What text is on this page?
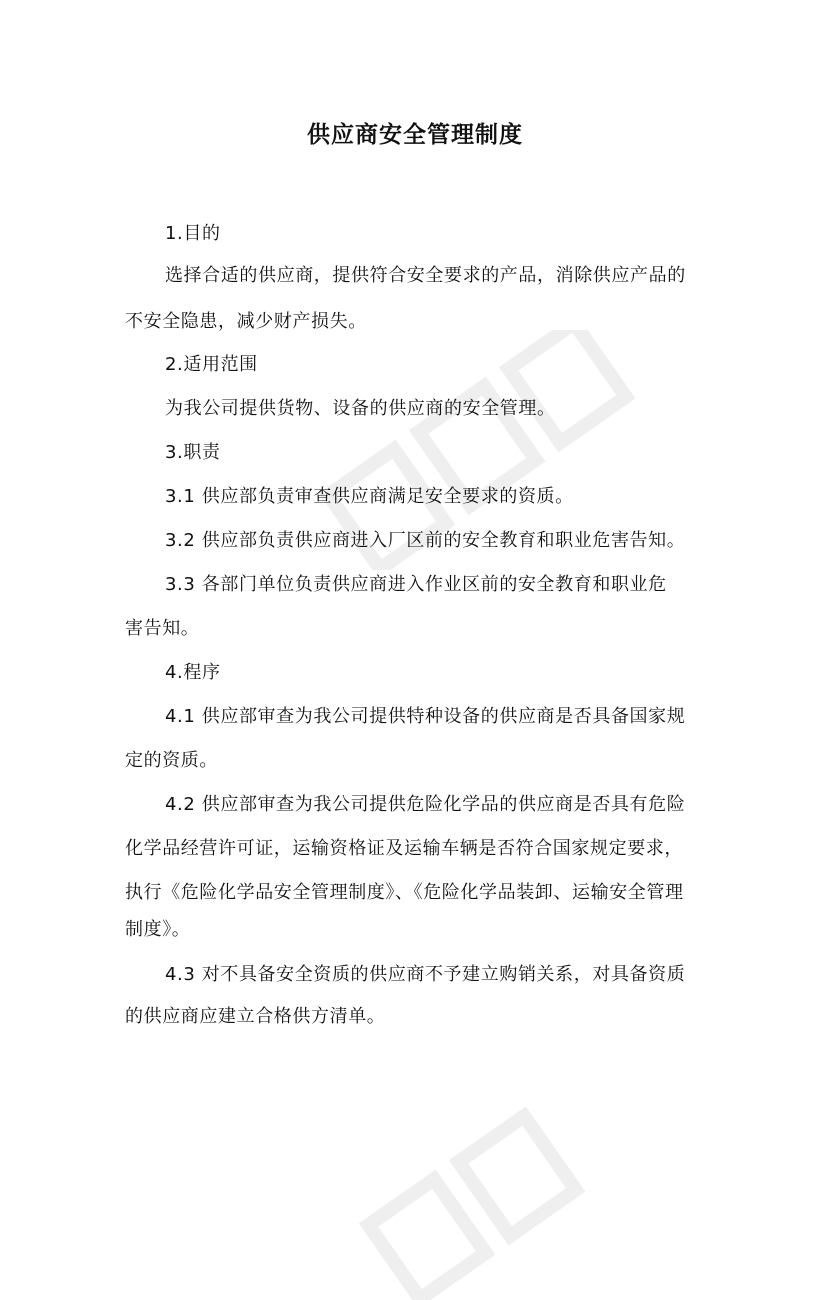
供应商安全管理制度
1.目的
选择合适的供应商，提供符合安全要求的产品，消除供应产品的
不安全隐患，减少财产损失。
2.适用范围
为我公司提供货物、设备的供应商的安全管理。
3.职责
3.1 供应部负责审查供应商满足安全要求的资质。
3.2 供应部负责供应商进入厂区前的安全教育和职业危害告知。
3.3 各部门单位负责供应商进入作业区前的安全教育和职业危
害告知。
4.程序
4.1 供应部审查为我公司提供特种设备的供应商是否具备国家规
定的资质。
4.2 供应部审查为我公司提供危险化学品的供应商是否具有危险
化学品经营许可证，运输资格证及运输车辆是否符合国家规定要求，
执行《危险化学品安全管理制度》、《危险化学品装卸、运输安全管理
制度》。
4.3 对不具备安全资质的供应商不予建立购销关系，对具备资质
的供应商应建立合格供方清单。
